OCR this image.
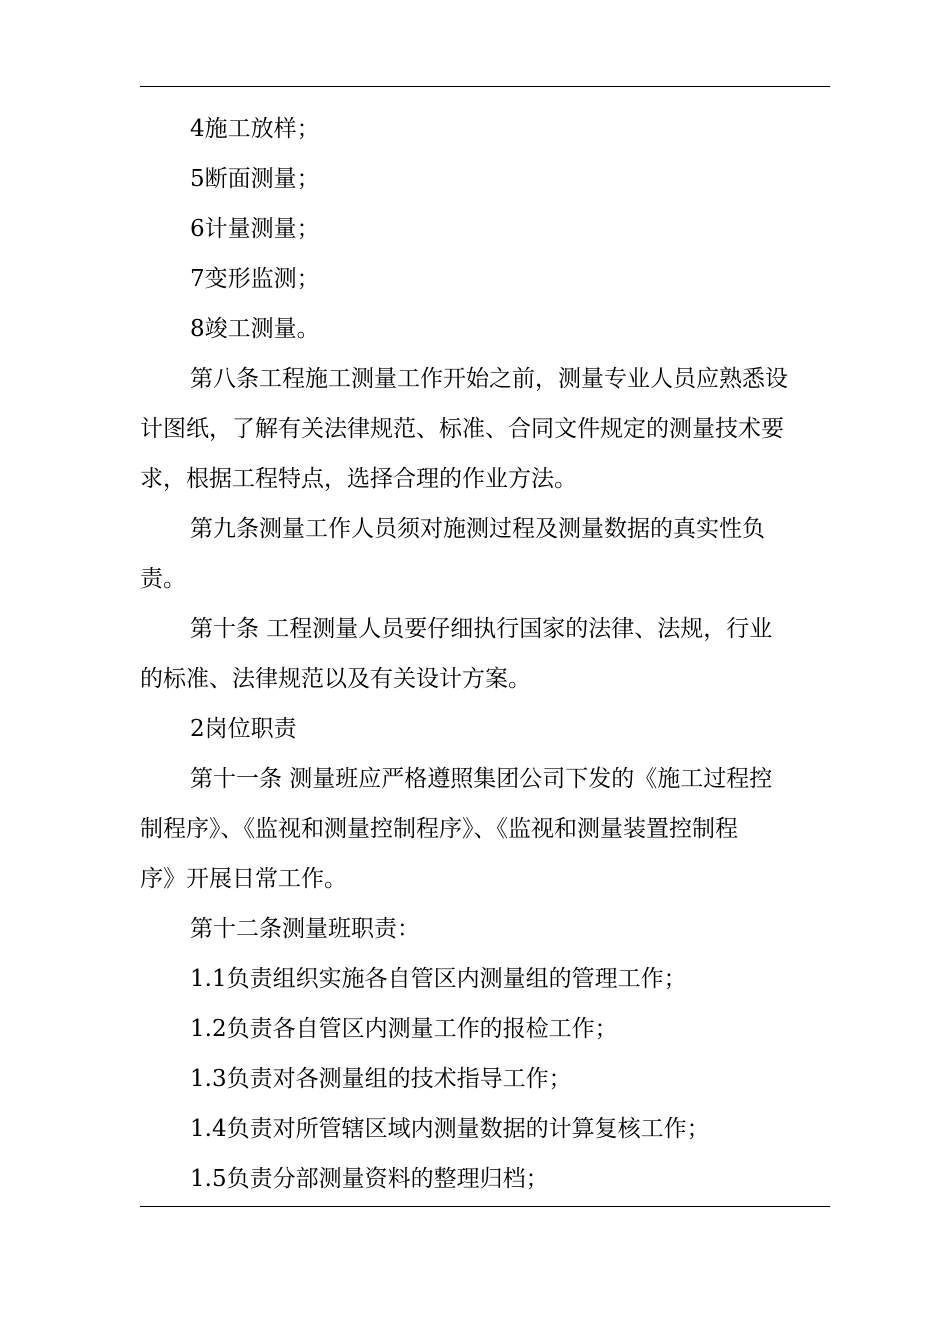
4施工放样；
5断面测量；
6计量测量；
7变形监测；
8竣工测量。
第八条工程施工测量工作开始之前，测量专业人员应熟悉设
计图纸，了解有关法律规范、标准、合同文件规定的测量技术要
求，根据工程特点，选择合理的作业方法。
第九条测量工作人员须对施测过程及测量数据的真实性负
责。
第十条 工程测量人员要仔细执行国家的法律、法规，行业
的标准、法律规范以及有关设计方案。
2岗位职责
第十一条 测量班应严格遵照集团公司下发的《施工过程控
制程序》、《监视和测量控制程序》、《监视和测量装置控制程
序》开展日常工作。
第十二条测量班职责：
1.1负责组织实施各自管区内测量组的管理工作；
1.2负责各自管区内测量工作的报检工作；
1.3负责对各测量组的技术指导工作；
1.4负责对所管辖区域内测量数据的计算复核工作；
1.5负责分部测量资料的整理归档；
